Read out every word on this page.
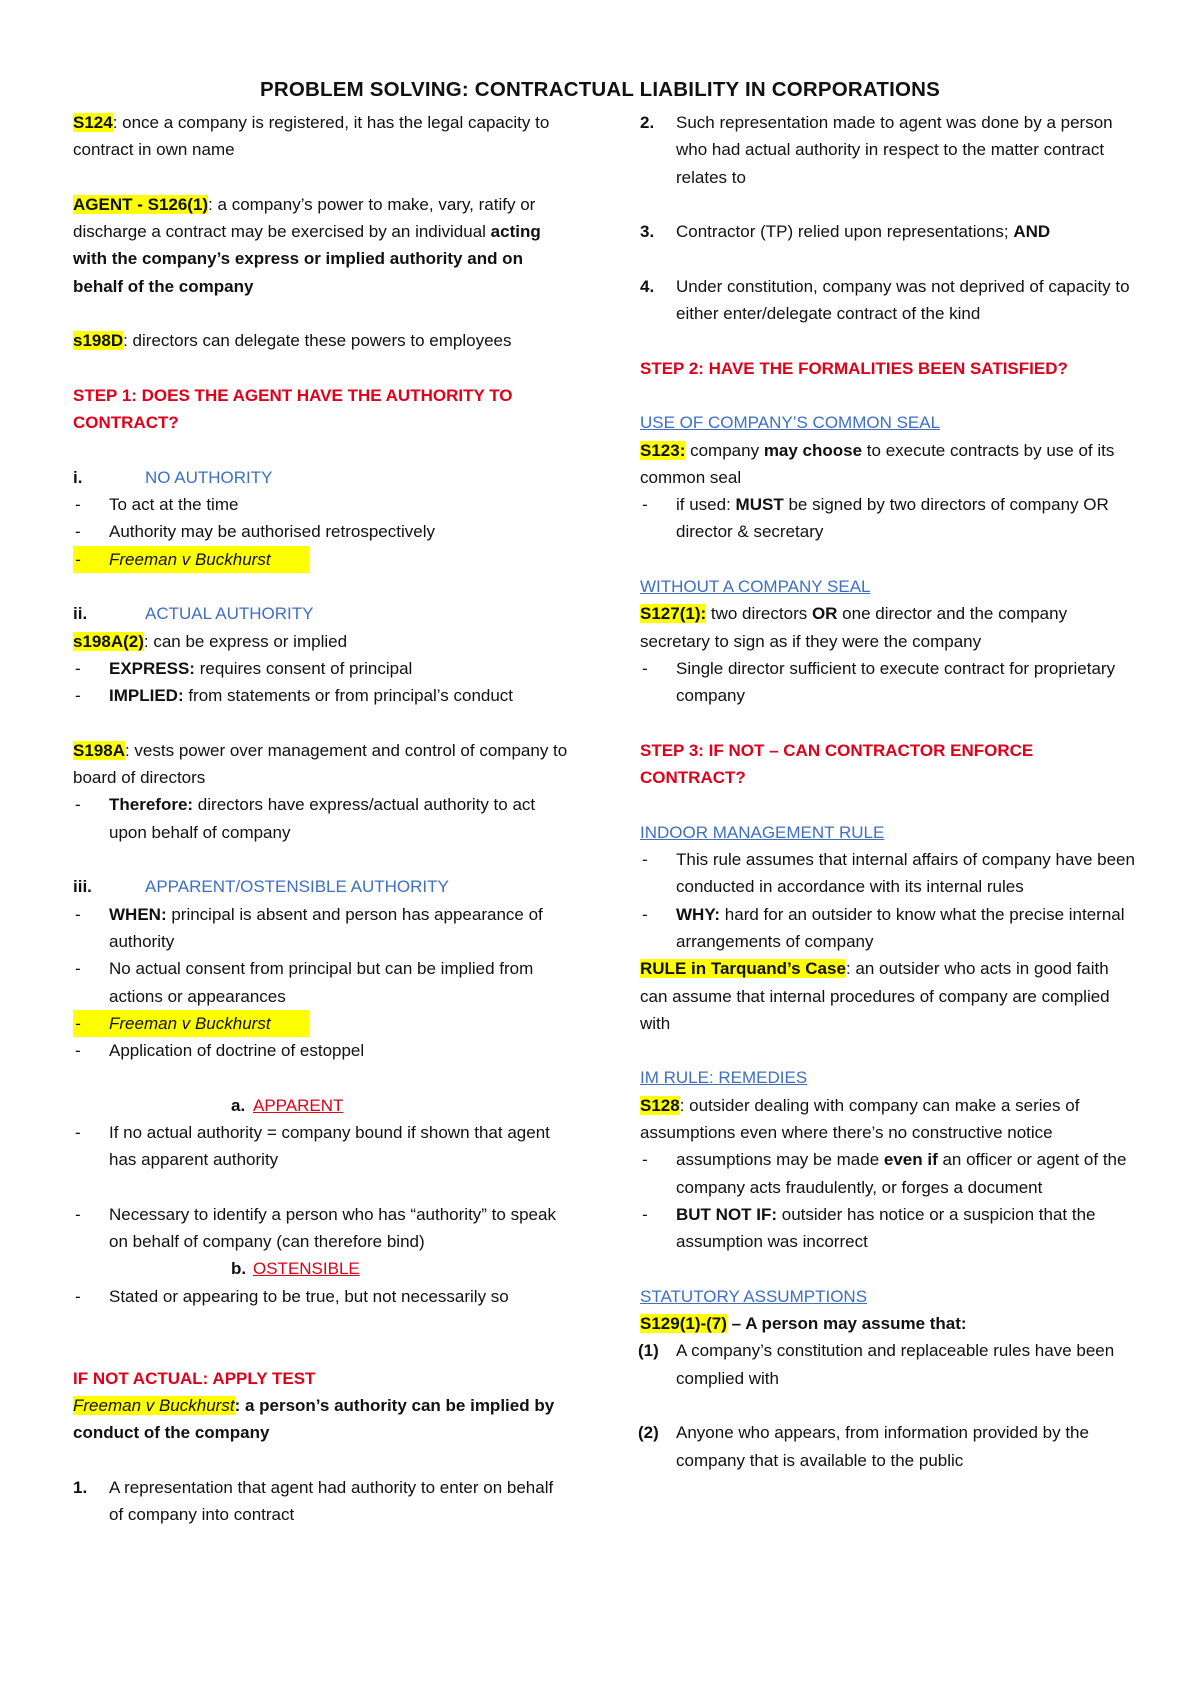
PROBLEM SOLVING: CONTRACTUAL LIABILITY IN CORPORATIONS

S124: once a company is registered, it has the legal capacity to contract in own name

AGENT - S126(1): a company’s power to make, vary, ratify or discharge a contract may be exercised by an individual acting with the company’s express or implied authority and on behalf of the company

s198D: directors can delegate these powers to employees

STEP 1: DOES THE AGENT HAVE THE AUTHORITY TO CONTRACT?

i.	NO AUTHORITY

- To act at the time

- Authority may be authorised retrospectively

- Freeman v Buckhurst

ii.	ACTUAL AUTHORITY

s198A(2): can be express or implied

- EXPRESS: requires consent of principal

- IMPLIED: from statements or from principal’s conduct

S198A: vests power over management and control of company to board of directors

- Therefore: directors have express/actual authority to act upon behalf of company

iii.	APPARENT/OSTENSIBLE AUTHORITY

- WHEN: principal is absent and person has appearance of authority

- No actual consent from principal but can be implied from actions or appearances

- Freeman v Buckhurst

- Application of doctrine of estoppel

a. APPARENT

- If no actual authority = company bound if shown that agent has apparent authority

- Necessary to identify a person who has “authority” to speak on behalf of company (can therefore bind)

b. OSTENSIBLE

- Stated or appearing to be true, but not necessarily so

IF NOT ACTUAL: APPLY TEST

Freeman v Buckhurst: a person’s authority can be implied by conduct of the company

1. A representation that agent had authority to enter on behalf of company into contract

2. Such representation made to agent was done by a person who had actual authority in respect to the matter contract relates to

3. Contractor (TP) relied upon representations; AND

4. Under constitution, company was not deprived of capacity to either enter/delegate contract of the kind

STEP 2: HAVE THE FORMALITIES BEEN SATISFIED?

USE OF COMPANY’S COMMON SEAL

S123: company may choose to execute contracts by use of its common seal

- if used: MUST be signed by two directors of company OR director & secretary

WITHOUT A COMPANY SEAL

S127(1): two directors OR one director and the company secretary to sign as if they were the company

- Single director sufficient to execute contract for proprietary company

STEP 3: IF NOT – CAN CONTRACTOR ENFORCE CONTRACT?

INDOOR MANAGEMENT RULE

- This rule assumes that internal affairs of company have been conducted in accordance with its internal rules

- WHY: hard for an outsider to know what the precise internal arrangements of company

RULE in Tarquand’s Case: an outsider who acts in good faith can assume that internal procedures of company are complied with

IM RULE: REMEDIES

S128: outsider dealing with company can make a series of assumptions even where there’s no constructive notice

- assumptions may be made even if an officer or agent of the company acts fraudulently, or forges a document

- BUT NOT IF: outsider has notice or a suspicion that the assumption was incorrect

STATUTORY ASSUMPTIONS

S129(1)-(7) – A person may assume that:

(1) A company’s constitution and replaceable rules have been complied with

(2) Anyone who appears, from information provided by the company that is available to the public
